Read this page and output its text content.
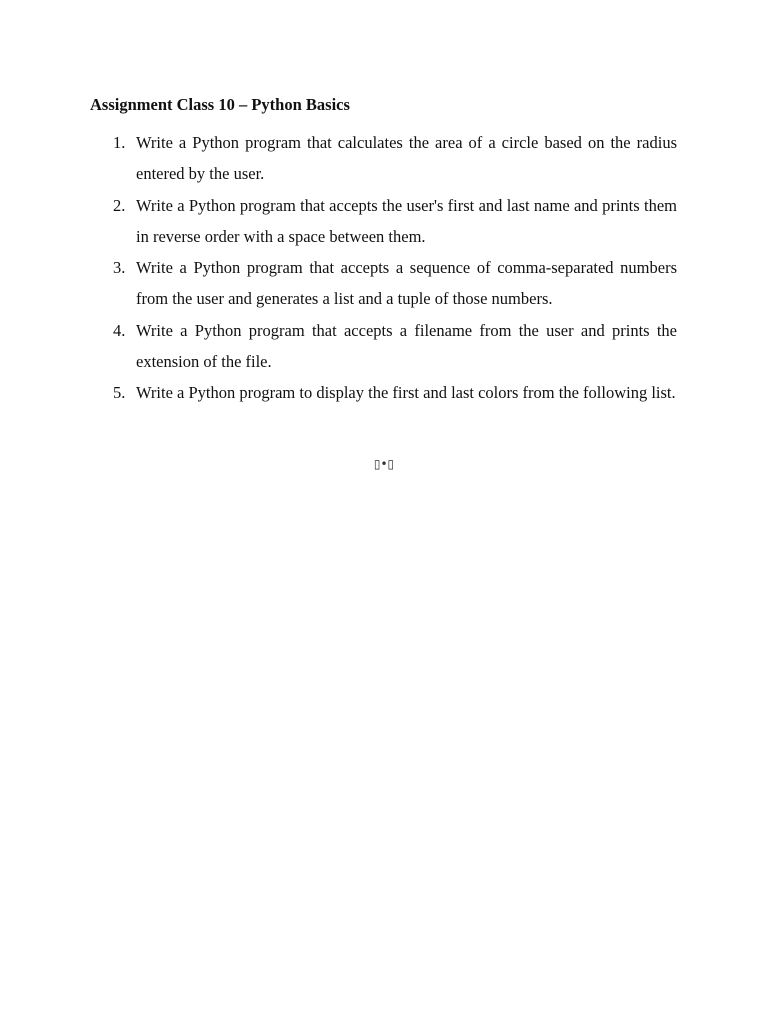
Assignment Class 10 – Python Basics
1. Write a Python program that calculates the area of a circle based on the radius entered by the user.
2. Write a Python program that accepts the user's first and last name and prints them in reverse order with a space between them.
3. Write a Python program that accepts a sequence of comma-separated numbers from the user and generates a list and a tuple of those numbers.
4. Write a Python program that accepts a filename from the user and prints the extension of the file.
5. Write a Python program to display the first and last colors from the following list.
▯•▯
